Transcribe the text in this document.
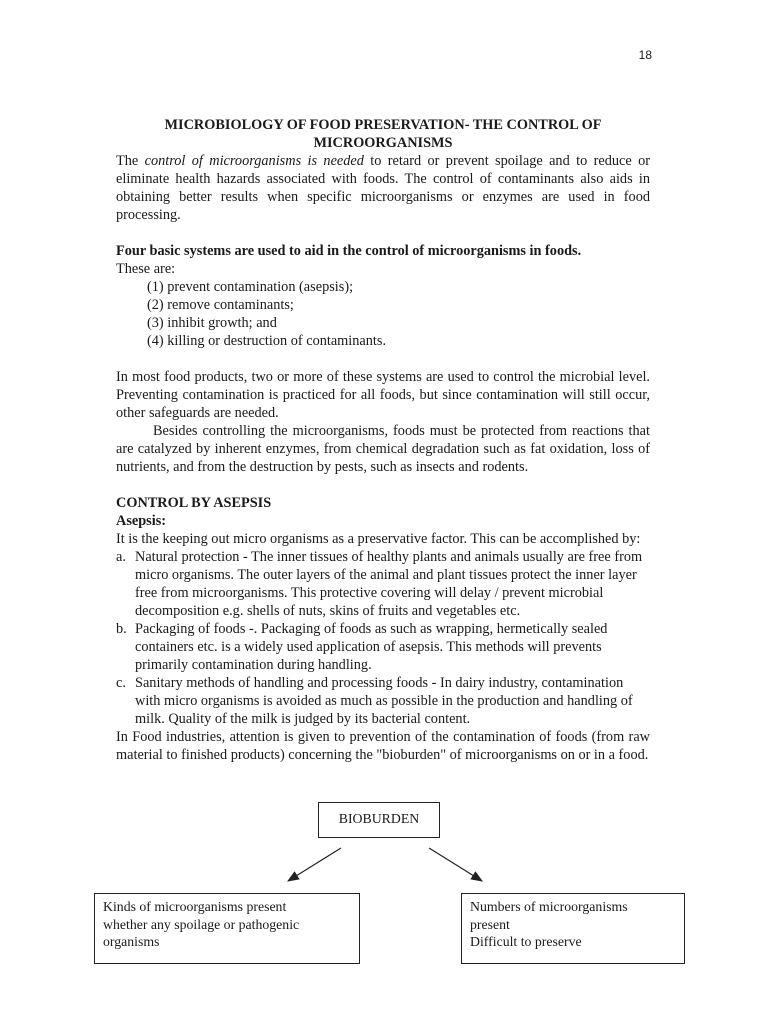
18
MICROBIOLOGY OF FOOD PRESERVATION- THE CONTROL OF
MICROORGANISMS

The control of microorganisms is needed to retard or prevent spoilage and to reduce or eliminate health hazards associated with foods. The control of contaminants also aids in obtaining better results when specific microorganisms or enzymes are used in food processing.

Four basic systems are used to aid in the control of microorganisms in foods.

These are:

(1) prevent contamination (asepsis);
(2) remove contaminants;
(3) inhibit growth; and
(4) killing or destruction of contaminants.

In most food products, two or more of these systems are used to control the microbial level. Preventing contamination is practiced for all foods, but since contamination will still occur, other safeguards are needed.

Besides controlling the microorganisms, foods must be protected from reactions that are catalyzed by inherent enzymes, from chemical degradation such as fat oxidation, loss of nutrients, and from the destruction by pests, such as insects and rodents.

CONTROL BY ASEPSIS

Asepsis:

It is the keeping out micro organisms as a preservative factor. This can be accomplished by:

a. Natural protection - The inner tissues of healthy plants and animals usually are free from micro organisms. The outer layers of the animal and plant tissues protect the inner layer free from microorganisms. This protective covering will delay / prevent microbial decomposition e.g. shells of nuts, skins of fruits and vegetables etc.
b. Packaging of foods -. Packaging of foods as such as wrapping, hermetically sealed containers etc. is a widely used application of asepsis. This methods will prevents primarily contamination during handling.
c. Sanitary methods of handling and processing foods - In dairy industry, contamination with micro organisms is avoided as much as possible in the production and handling of milk. Quality of the milk is judged by its bacterial content.

In Food industries, attention is given to prevention of the contamination of foods (from raw material to finished products) concerning the "bioburden" of microorganisms on or in a food.

BIOBURDEN
Kinds of microorganisms present
whether any spoilage or pathogenic
organisms
Numbers of microorganisms
present
Difficult to preserve
